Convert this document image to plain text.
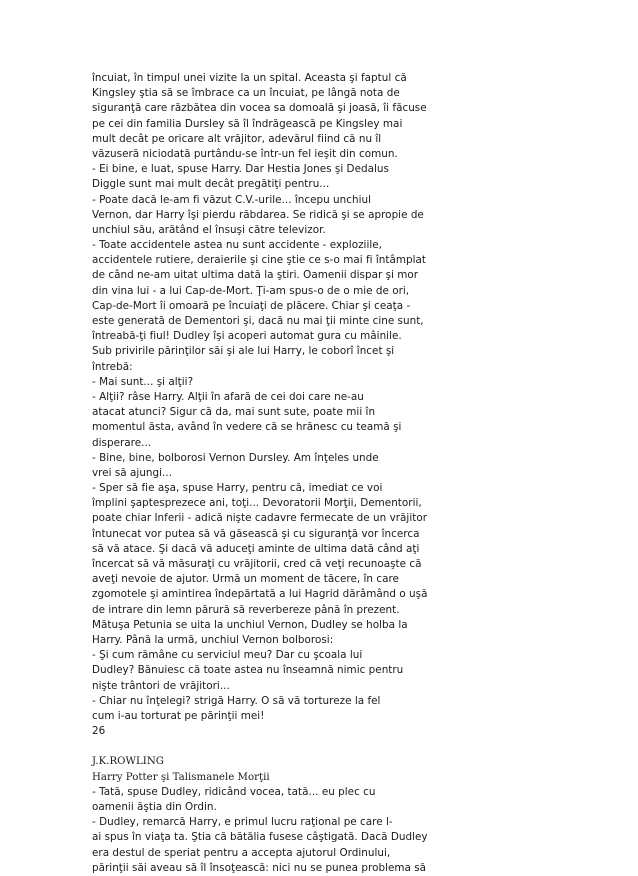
încuiat, în timpul unei vizite la un spital. Aceasta şi faptul că
Kingsley ştia să se îmbrace ca un încuiat, pe lângă nota de
siguranţă care răzbătea din vocea sa domoală şi joasă, îi făcuse
pe cei din familia Dursley să îl îndrăgească pe Kingsley mai
mult decât pe oricare alt vrăjitor, adevărul fiind că nu îl
văzuseră niciodată purtându-se într-un fel ieşit din comun.
- Ei bine, e luat, spuse Harry. Dar Hestia Jones şi Dedalus
Diggle sunt mai mult decât pregătiţi pentru...
- Poate dacă le-am fi văzut C.V.-urile... începu unchiul
Vernon, dar Harry îşi pierdu răbdarea. Se ridică şi se apropie de
unchiul său, arătând el însuşi către televizor.
- Toate accidentele astea nu sunt accidente - exploziile,
accidentele rutiere, deraierile şi cine ştie ce s-o mai fi întâmplat
de când ne-am uitat ultima dată la ştiri. Oamenii dispar şi mor
din vina lui - a lui Cap-de-Mort. Ţi-am spus-o de o mie de ori,
Cap-de-Mort îi omoară pe încuiaţi de plăcere. Chiar şi ceaţa -
este generată de Dementori şi, dacă nu mai ţii minte cine sunt,
întreabă-ţi fiul! Dudley îşi acoperi automat gura cu mâinile.
Sub privirile părinţilor săi şi ale lui Harry, le coborî încet şi
întrebă:
- Mai sunt... şi alţii?
- Alţii? râse Harry. Alţii în afară de cei doi care ne-au
atacat atunci? Sigur că da, mai sunt sute, poate mii în
momentul ăsta, având în vedere că se hrănesc cu teamă şi
disperare...
- Bine, bine, bolborosi Vernon Dursley. Am înţeles unde
vrei să ajungi...
- Sper să fie aşa, spuse Harry, pentru că, imediat ce voi
împlini şaptesprezece ani, toţi... Devoratorii Morţii, Dementorii,
poate chiar Inferii - adică nişte cadavre fermecate de un vrăjitor
întunecat vor putea să vă găsească şi cu siguranţă vor încerca
să vă atace. Şi dacă vă aduceţi aminte de ultima dată când aţi
încercat să vă măsuraţi cu vrăjitorii, cred că veţi recunoaşte că
aveţi nevoie de ajutor. Urmă un moment de tăcere, în care
zgomotele şi amintirea îndepărtată a lui Hagrid dărâmând o uşă
de intrare din lemn părură să reverbereze până în prezent.
Mătuşa Petunia se uita la unchiul Vernon, Dudley se holba la
Harry. Până la urmă, unchiul Vernon bolborosi:
- Şi cum rămâne cu serviciul meu? Dar cu şcoala lui
Dudley? Bănuiesc că toate astea nu înseamnă nimic pentru
nişte trântori de vrăjitori...
- Chiar nu înţelegi? strigă Harry. O să vă tortureze la fel
cum i-au torturat pe părinţii mei!
26
J.K.ROWLING
Harry Potter şi Talismanele Morţii
- Tată, spuse Dudley, ridicând vocea, tată... eu plec cu
oamenii ăştia din Ordin.
- Dudley, remarcă Harry, e primul lucru raţional pe care l-
ai spus în viaţa ta. Ştia că bătălia fusese câştigată. Dacă Dudley
era destul de speriat pentru a accepta ajutorul Ordinului,
părinţii săi aveau să îl însoţească: nici nu se punea problema să
